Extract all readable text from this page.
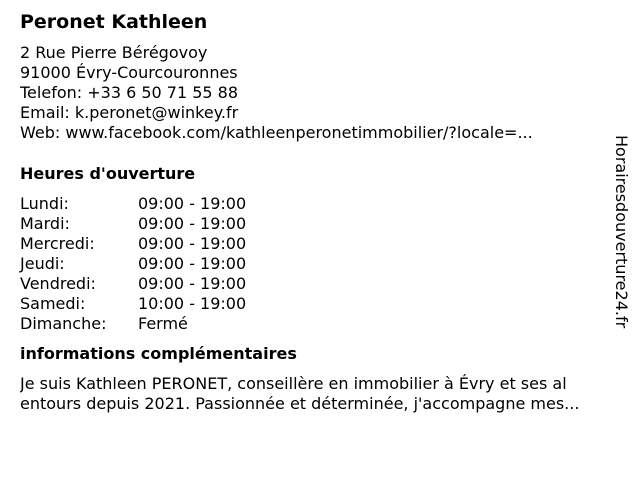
Peronet Kathleen
2 Rue Pierre Bérégovoy
91000 Évry-Courcouronnes
Telefon: +33 6 50 71 55 88
Email: k.peronet@winkey.fr
Web: www.facebook.com/kathleenperonetimmobilier/?locale=...
Heures d'ouverture
Lundi:	09:00 - 19:00
Mardi:	09:00 - 19:00
Mercredi:	09:00 - 19:00
Jeudi:	09:00 - 19:00
Vendredi:	09:00 - 19:00
Samedi:	10:00 - 19:00
Dimanche:	Fermé
informations complémentaires
Je suis Kathleen PERONET, conseillère en immobilier à Évry et ses al
entours depuis 2021. Passionnée et déterminée, j'accompagne mes...
Horairesdouverture24.fr
